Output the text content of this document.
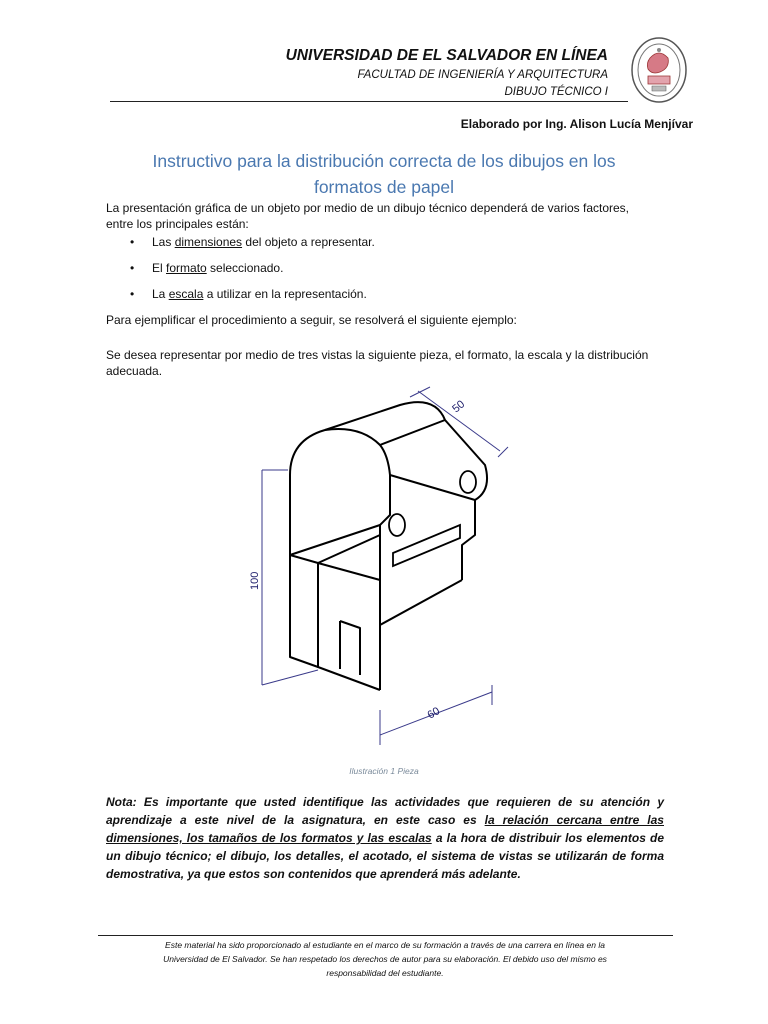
UNIVERSIDAD DE EL SALVADOR EN LÍNEA
FACULTAD DE INGENIERÍA Y ARQUITECTURA
DIBUJO TÉCNICO I
Elaborado por Ing. Alison Lucía Menjívar
Instructivo para la distribución correcta de los dibujos en los
formatos de papel
La presentación gráfica de un objeto por medio de un dibujo técnico dependerá de varios factores,
entre los principales están:
• Las dimensiones del objeto a representar.
• El formato seleccionado.
• La escala a utilizar en la representación.
Para ejemplificar el procedimiento a seguir, se resolverá el siguiente ejemplo:
Se desea representar por medio de tres vistas la siguiente pieza, el formato, la escala y la distribución
adecuada.
50
100
60
Ilustración 1 Pieza
Nota: Es importante que usted identifique las actividades que requieren de su atención y aprendizaje a este nivel de la asignatura, en este caso es la relación cercana entre las dimensiones, los tamaños de los formatos y las escalas a la hora de distribuir los elementos de un dibujo técnico; el dibujo, los detalles, el acotado, el sistema de vistas se utilizarán de forma demostrativa, ya que estos son contenidos que aprenderá más adelante.
Este material ha sido proporcionado al estudiante en el marco de su formación a través de una carrera en línea en la
Universidad de El Salvador. Se han respetado los derechos de autor para su elaboración. El debido uso del mismo es
responsabilidad del estudiante.
